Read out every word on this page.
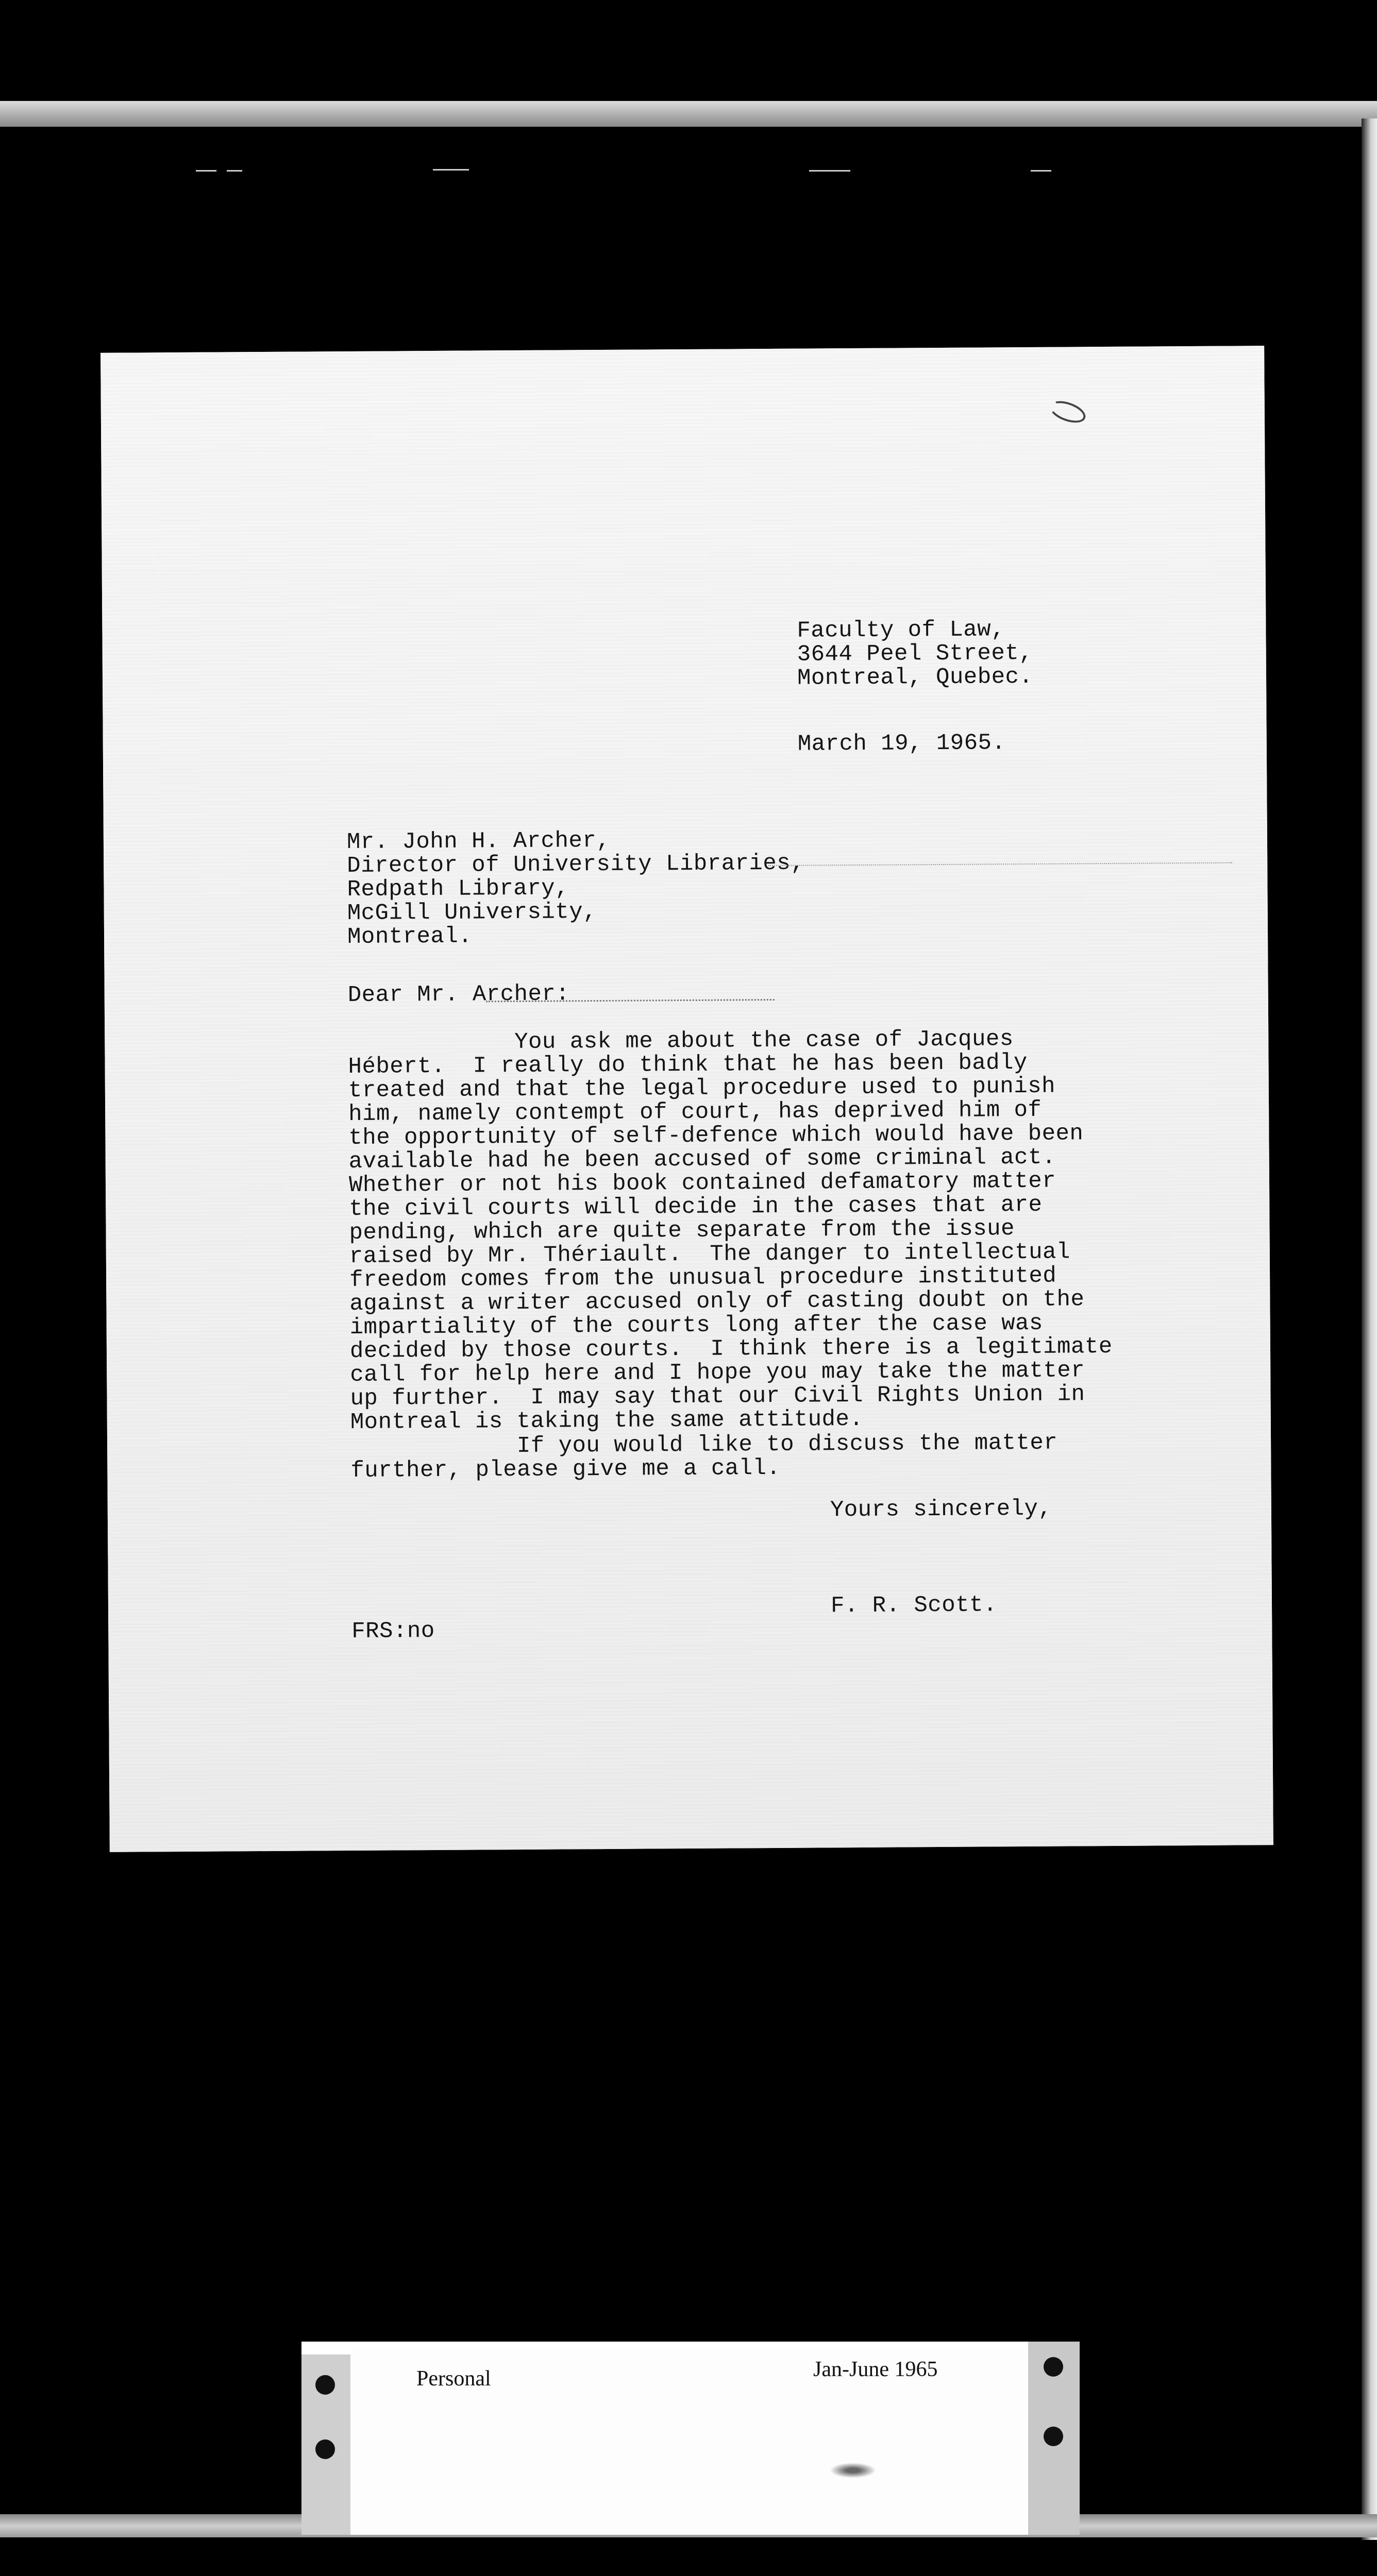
Faculty of Law,
3644 Peel Street,
Montreal, Quebec.
March 19, 1965.
Mr. John H. Archer,
Director of University Libraries,
Redpath Library,
McGill University,
Montreal.
Dear Mr. Archer:
You ask me about the case of Jacques
Hébert.  I really do think that he has been badly
treated and that the legal procedure used to punish
him, namely contempt of court, has deprived him of
the opportunity of self-defence which would have been
available had he been accused of some criminal act.
Whether or not his book contained defamatory matter
the civil courts will decide in the cases that are
pending, which are quite separate from the issue
raised by Mr. Thériault.  The danger to intellectual
freedom comes from the unusual procedure instituted
against a writer accused only of casting doubt on the
impartiality of the courts long after the case was
decided by those courts.  I think there is a legitimate
call for help here and I hope you may take the matter
up further.  I may say that our Civil Rights Union in
Montreal is taking the same attitude.
If you would like to discuss the matter
further, please give me a call.
Yours sincerely,
F. R. Scott.
FRS:no
Personal	Jan-June 1965
